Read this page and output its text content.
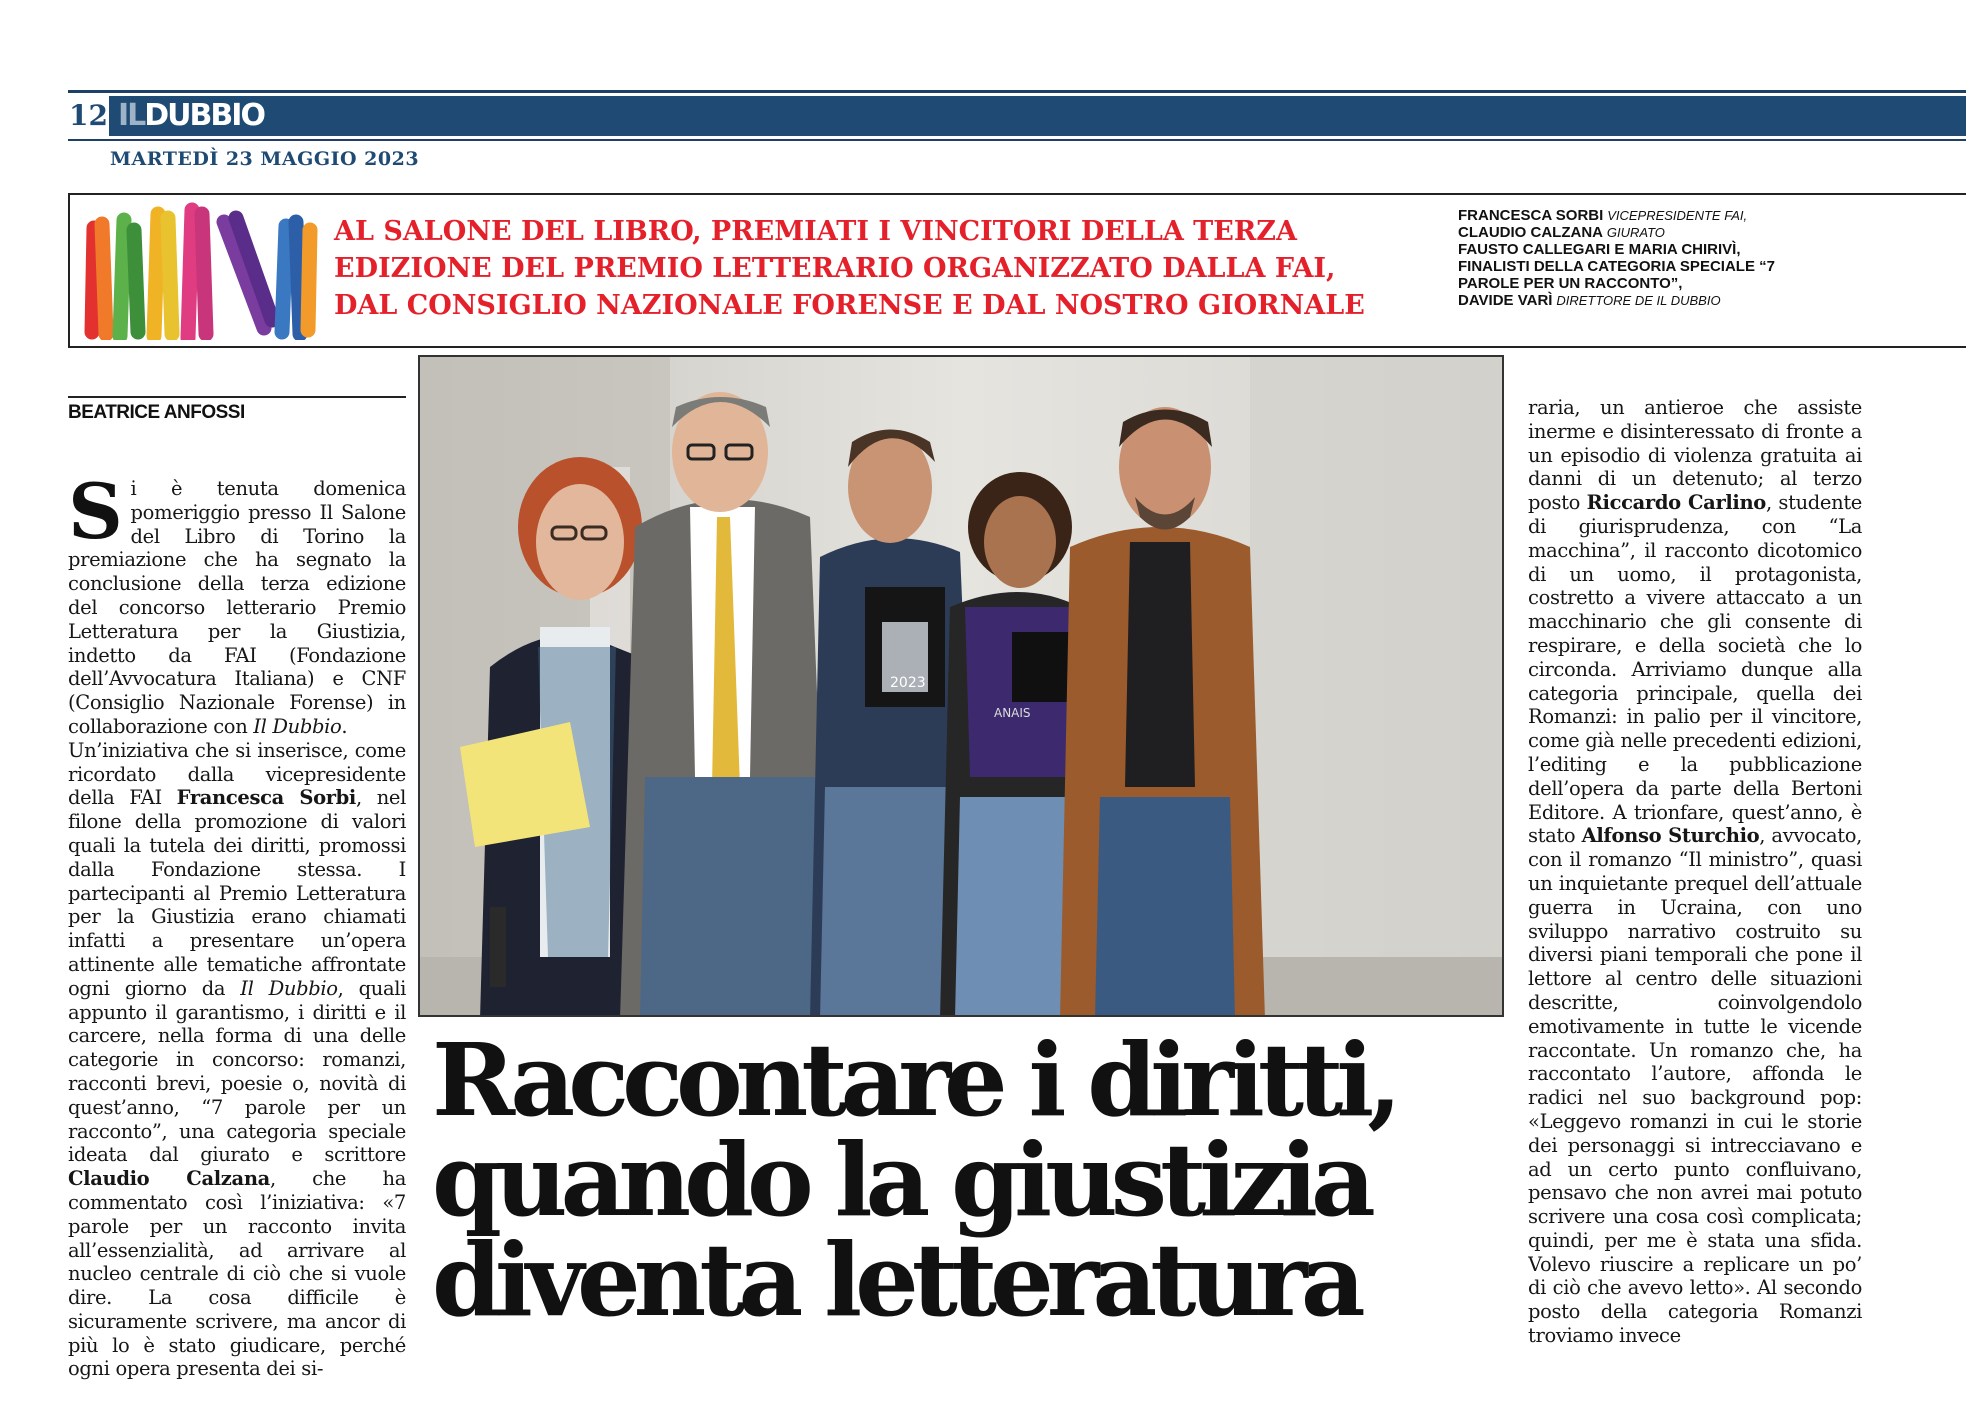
12 ILDUBBIO
MARTEDÌ 23 MAGGIO 2023
AL SALONE DEL LIBRO, PREMIATI I VINCITORI DELLA TERZA
EDIZIONE DEL PREMIO LETTERARIO ORGANIZZATO DALLA FAI,
DAL CONSIGLIO NAZIONALE FORENSE E DAL NOSTRO GIORNALE
FRANCESCA SORBI VICEPRESIDENTE FAI,
CLAUDIO CALZANA GIURATO
FAUSTO CALLEGARI E MARIA CHIRIVÌ, FINALISTI DELLA CATEGORIA SPECIALE “7 PAROLE PER UN RACCONTO”,
DAVIDE VARÌ DIRETTORE DE IL DUBBIO
BEATRICE ANFOSSI

Si è tenuta domenica pomeriggio presso Il Salone del Libro di Torino la premiazione che ha segnato la conclusione della terza edizione del concorso letterario Premio Letteratura per la Giustizia, indetto da FAI (Fondazione dell’Avvocatura Italiana) e CNF (Consiglio Nazionale Forense) in collaborazione con Il Dubbio.

Un’iniziativa che si inserisce, come ricordato dalla vicepresidente della FAI Francesca Sorbi, nel filone della promozione di valori quali la tutela dei diritti, promossi dalla Fondazione stessa. I partecipanti al Premio Letteratura per la Giustizia erano chiamati infatti a presentare un’opera attinente alle tematiche affrontate ogni giorno da Il Dubbio, quali appunto il garantismo, i diritti e il carcere, nella forma di una delle categorie in concorso: romanzi, racconti brevi, poesie o, novità di quest’anno, “7 parole per un racconto”, una categoria speciale ideata dal giurato e scrittore Claudio Calzana, che ha commentato così l’iniziativa: «7 parole per un racconto invita all’essenzialità, ad arrivare al nucleo centrale di ciò che si vuole dire. La cosa difficile è sicuramente scrivere, ma ancor di più lo è stato giudicare, perché ogni opera presenta dei si-

2023
ANAIS
Raccontare i diritti,
quando la giustizia
diventa letteratura

raria, un antieroe che assiste inerme e disinteressato di fronte a un episodio di violenza gratuita ai danni di un detenuto; al terzo posto Riccardo Carlino, studente di giurisprudenza, con “La macchina”, il racconto dicotomico di un uomo, il protagonista, costretto a vivere attaccato a un macchinario che gli consente di respirare, e della società che lo circonda. Arriviamo dunque alla categoria principale, quella dei Romanzi: in palio per il vincitore, come già nelle precedenti edizioni, l’editing e la pubblicazione dell’opera da parte della Bertoni Editore. A trionfare, quest’anno, è stato Alfonso Sturchio, avvocato, con il romanzo “Il ministro”, quasi un inquietante prequel dell’attuale guerra in Ucraina, con uno sviluppo narrativo costruito su diversi piani temporali che pone il lettore al centro delle situazioni descritte, coinvolgendolo emotivamente in tutte le vicende raccontate. Un romanzo che, ha raccontato l’autore, affonda le radici nel suo background pop: «Leggevo romanzi in cui le storie dei personaggi si intrecciavano e ad un certo punto confluivano, pensavo che non avrei mai potuto scrivere una cosa così complicata; quindi, per me è stata una sfida. Volevo riuscire a replicare un po’ di ciò che avevo letto». Al secondo posto della categoria Romanzi troviamo invece
